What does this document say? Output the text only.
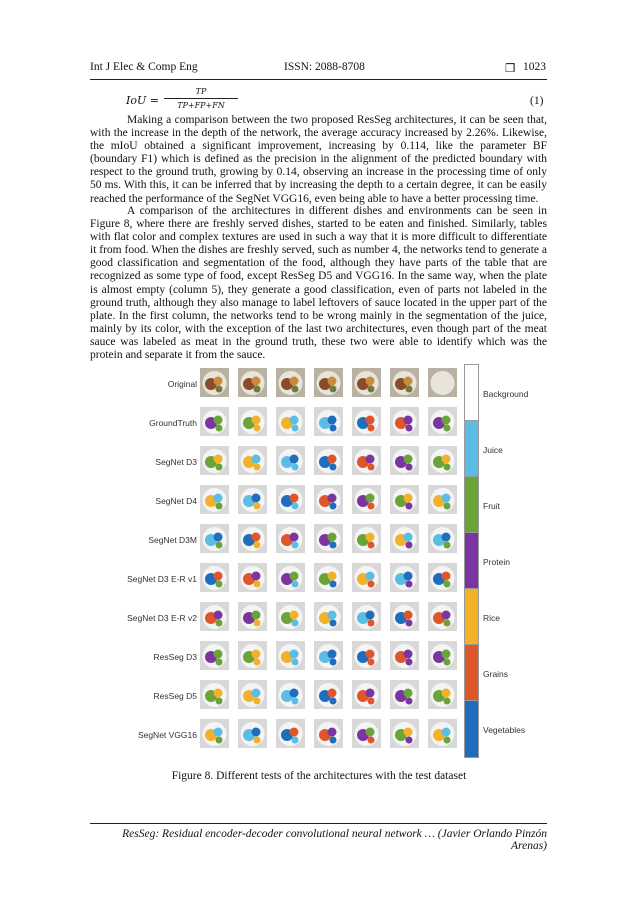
Int J Elec & Comp Eng	ISSN: 2088-8708	❒ 1023
IoU =
TP
TP+FP+FN	(1)

Making a comparison between the two proposed ResSeg architectures, it can be seen that, with the increase in the depth of the network, the average accuracy increased by 2.26%. Likewise, the mIoU obtained a significant improvement, increasing by 0.114, like the parameter BF (boundary F1) which is defined as the precision in the alignment of the predicted boundary with respect to the ground truth, growing by 0.14, observing an increase in the processing time of only 50 ms. With this, it can be inferred that by increasing the depth to a certain degree, it can be easily reached the performance of the SegNet VGG16, even being able to have a better processing time.

A comparison of the architectures in different dishes and environments can be seen in Figure 8, where there are freshly served dishes, started to be eaten and finished. Similarly, tables with flat color and complex textures are used in such a way that it is more difficult to differentiate it from food. When the dishes are freshly served, such as number 4, the networks tend to generate a good classification and segmentation of the food, although they have parts of the table that are recognized as some type of food, except ResSeg D5 and VGG16. In the same way, when the plate is almost empty (column 5), they generate a good classification, even of parts not labeled in the ground truth, although they also manage to label leftovers of sauce located in the upper part of the plate. In the first column, the networks tend to be wrong mainly in the segmentation of the juice, mainly by its color, with the exception of the last two architectures, even though part of the meat sauce was labeled as meat in the ground truth, these two were able to identify which was the protein and separate it from the sauce.

Original
GroundTruth
SegNet D3
SegNet D4
SegNet D3M
SegNet D3 E-R v1
SegNet D3 E-R v2
ResSeg D3
ResSeg D5
SegNet VGG16
Background
Juice
Fruit
Protein
Rice
Grains
Vegetables
Figure 8. Different tests of the architectures with the test dataset
ResSeg: Residual encoder-decoder convolutional neural network … (Javier Orlando Pinzón Arenas)
